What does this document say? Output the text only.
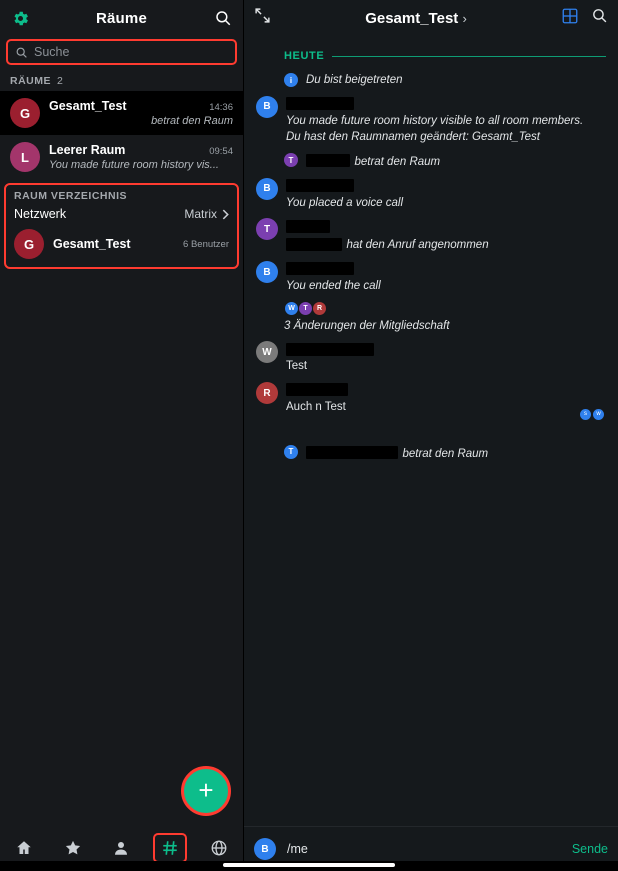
Räume
Suche
RÄUME 2
G Gesamt_Test	14:36
betrat den Raum
L Leerer Raum	09:54
You made future room history vis...
RAUM VERZEICHNIS
Netzwerk	Matrix
G Gesamt_Test	6 Benutzer
+
Gesamt_Test ›
HEUTE
i Du bist beigetreten
B
You made future room history visible to all room members.
Du hast den Raumnamen geändert: Gesamt_Test
T	betrat den Raum
B
You placed a voice call
T
hat den Anruf angenommen
B
You ended the call
W	T	R
3 Änderungen der Mitgliedschaft
W
Test
R
Auch n Test
s	w
T	betrat den Raum
B
/me	Sende
